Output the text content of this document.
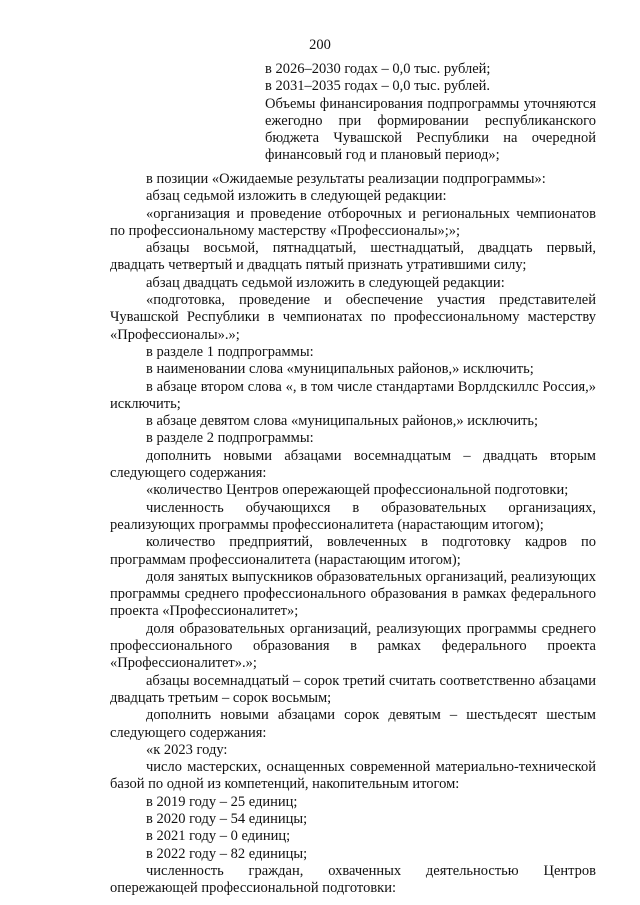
200

в 2026–2030 годах – 0,0 тыс. рублей;

в 2031–2035 годах – 0,0 тыс. рублей.

Объемы финансирования подпрограммы уточняются ежегодно при формировании республиканского бюджета Чувашской Республики на очередной финансовый год и плановый период»;

в позиции «Ожидаемые результаты реализации подпрограммы»:

абзац седьмой изложить в следующей редакции:

«организация и проведение отборочных и региональных чемпионатов по профессиональному мастерству «Профессионалы»;»;

абзацы восьмой, пятнадцатый, шестнадцатый, двадцать первый, двадцать четвертый и двадцать пятый признать утратившими силу;

абзац двадцать седьмой изложить в следующей редакции:

«подготовка, проведение и обеспечение участия представителей Чувашской Республики в чемпионатах по профессиональному мастерству «Профессионалы».»;

в разделе 1 подпрограммы:

в наименовании слова «муниципальных районов,» исключить;

в абзаце втором слова «, в том числе стандартами Ворлдскиллс Россия,» исключить;

в абзаце девятом слова «муниципальных районов,» исключить;

в разделе 2 подпрограммы:

дополнить новыми абзацами восемнадцатым – двадцать вторым следующего содержания:

«количество Центров опережающей профессиональной подготовки;

численность обучающихся в образовательных организациях, реализующих программы профессионалитета (нарастающим итогом);

количество предприятий, вовлеченных в подготовку кадров по программам профессионалитета (нарастающим итогом);

доля занятых выпускников образовательных организаций, реализующих программы среднего профессионального образования в рамках федерального проекта «Профессионалитет»;

доля образовательных организаций, реализующих программы среднего профессионального образования в рамках федерального проекта «Профессионалитет».»;

абзацы восемнадцатый – сорок третий считать соответственно абзацами двадцать третьим – сорок восьмым;

дополнить новыми абзацами сорок девятым – шестьдесят шестым следующего содержания:

«к 2023 году:

число мастерских, оснащенных современной материально-технической базой по одной из компетенций, накопительным итогом:

в 2019 году – 25 единиц;

в 2020 году – 54 единицы;

в 2021 году – 0 единиц;

в 2022 году – 82 единицы;

численность граждан, охваченных деятельностью Центров опережающей профессиональной подготовки:
